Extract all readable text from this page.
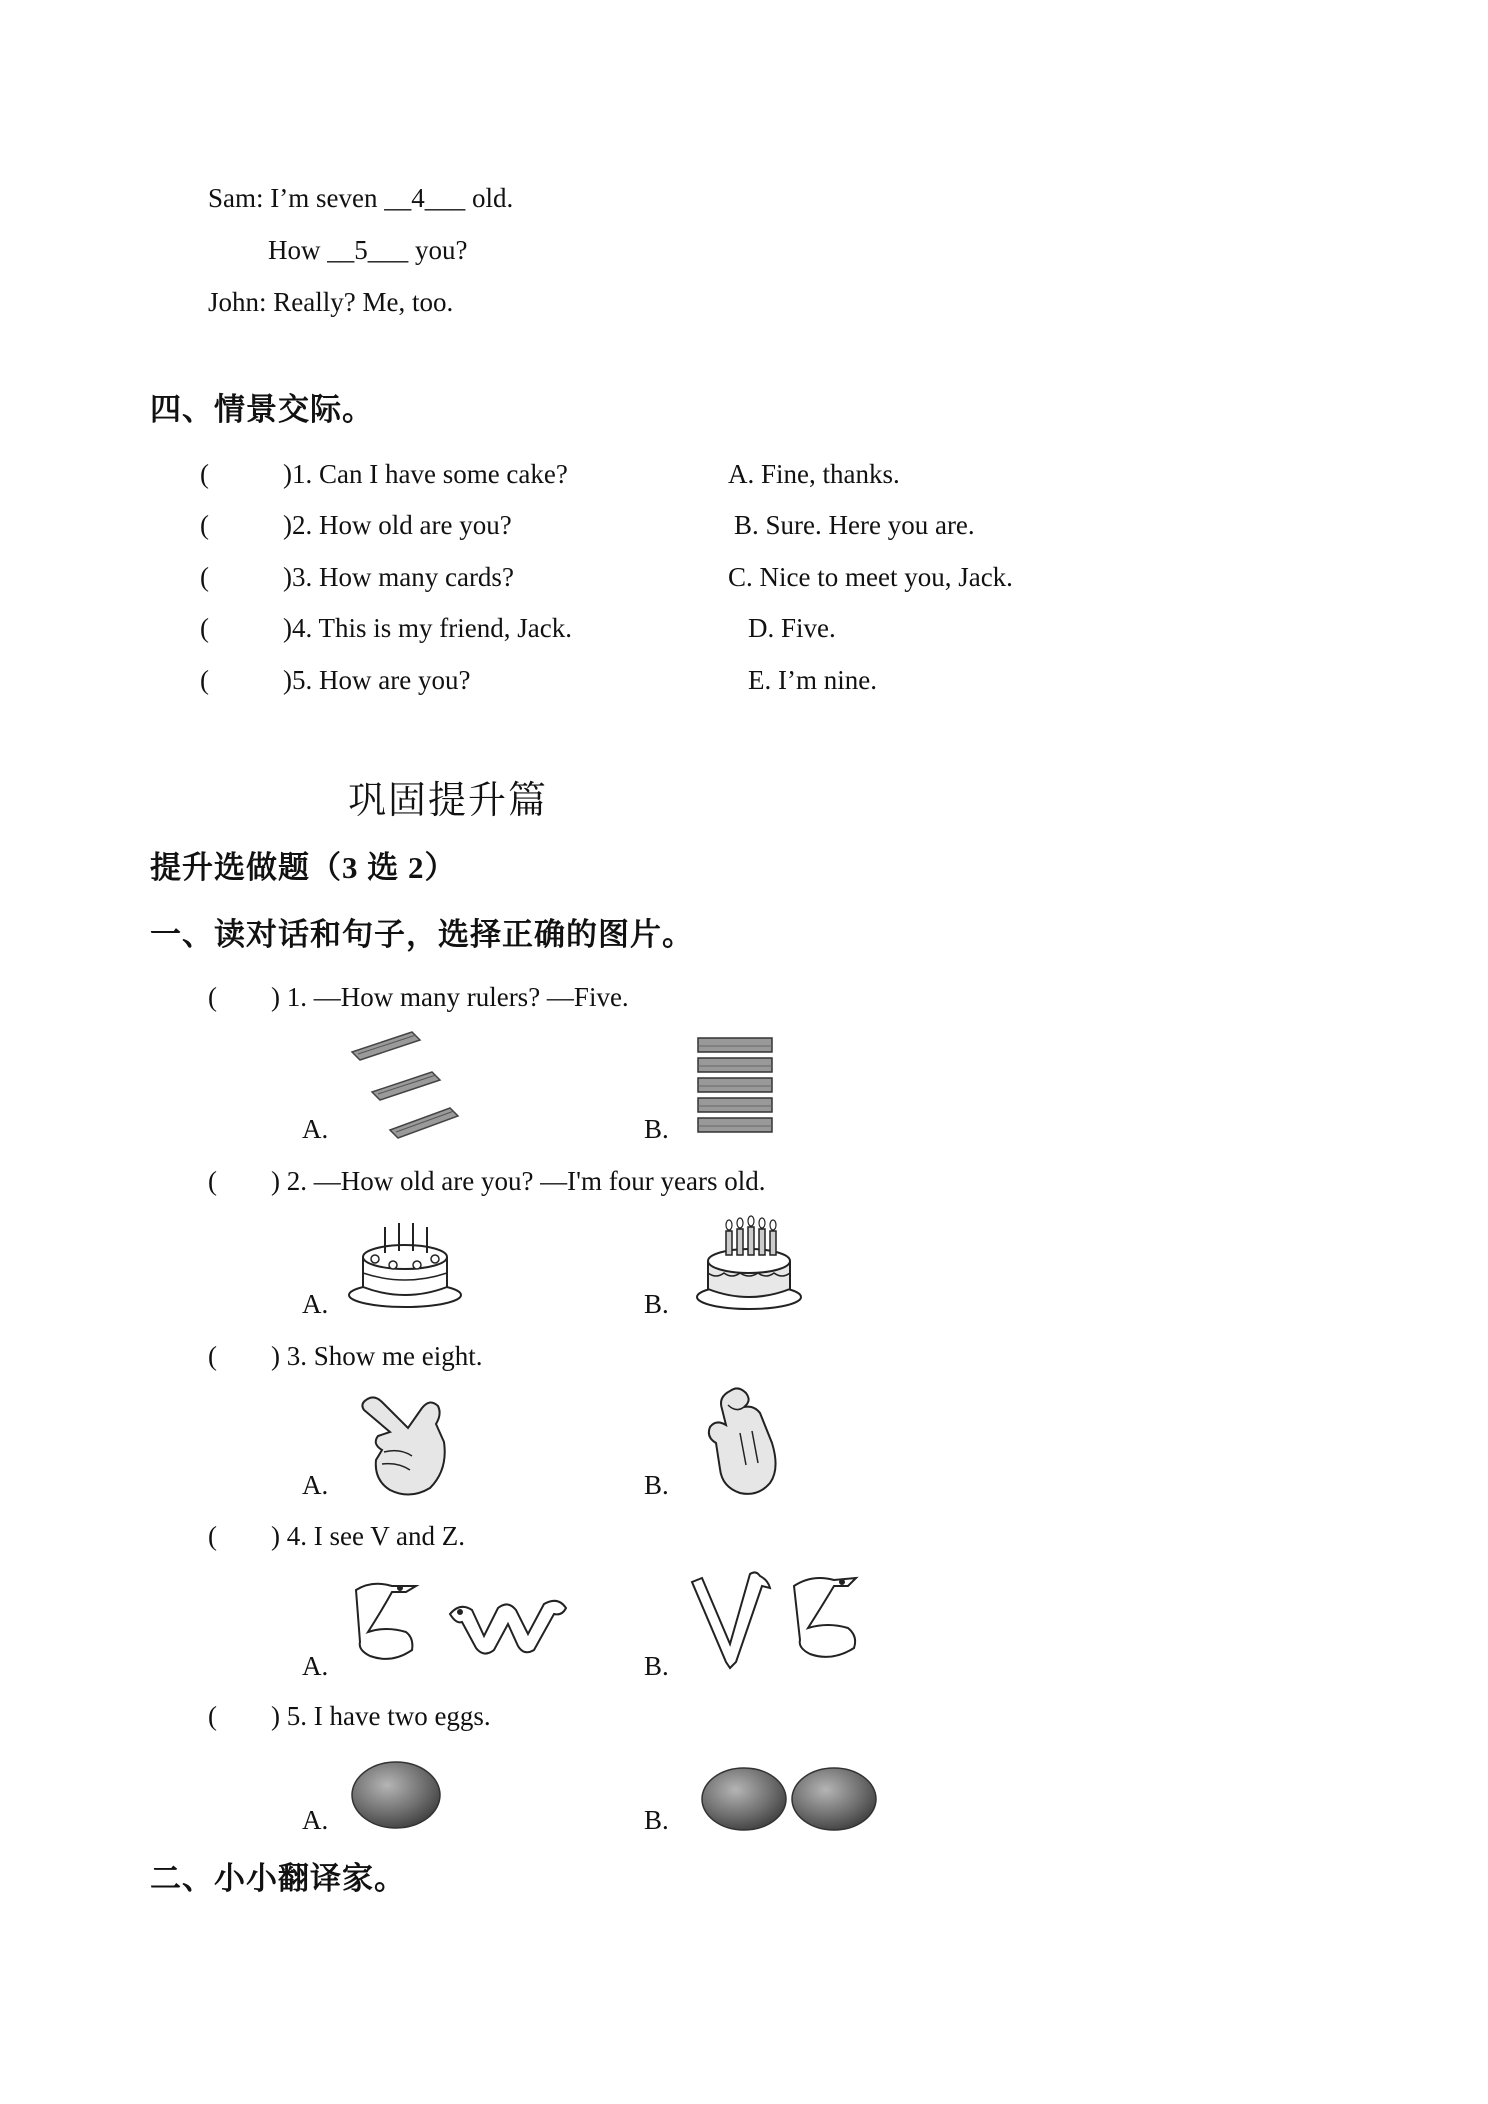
Sam: I’m seven __4___ old.
How __5___ you?
John: Really? Me, too.
四、情景交际。
(	)1. Can I have some cake?	A. Fine, thanks.
(	)2. How old are you?	B. Sure. Here you are.
(	)3. How many cards?	C. Nice to meet you, Jack.
(	)4. This is my friend, Jack.	D. Five.
(	)5. How are you?	E. I’m nine.
巩固提升篇
提升选做题（3 选 2）
一、读对话和句子，选择正确的图片。
(        ) 1. —How many rulers? —Five.
A.	B.
(        ) 2. —How old are you? —I'm four years old.
A.	B.
(        ) 3. Show me eight.
A.	B.
(        ) 4. I see V and Z.
A.	B.
(        ) 5. I have two eggs.
A.	B.
二、小小翻译家。
